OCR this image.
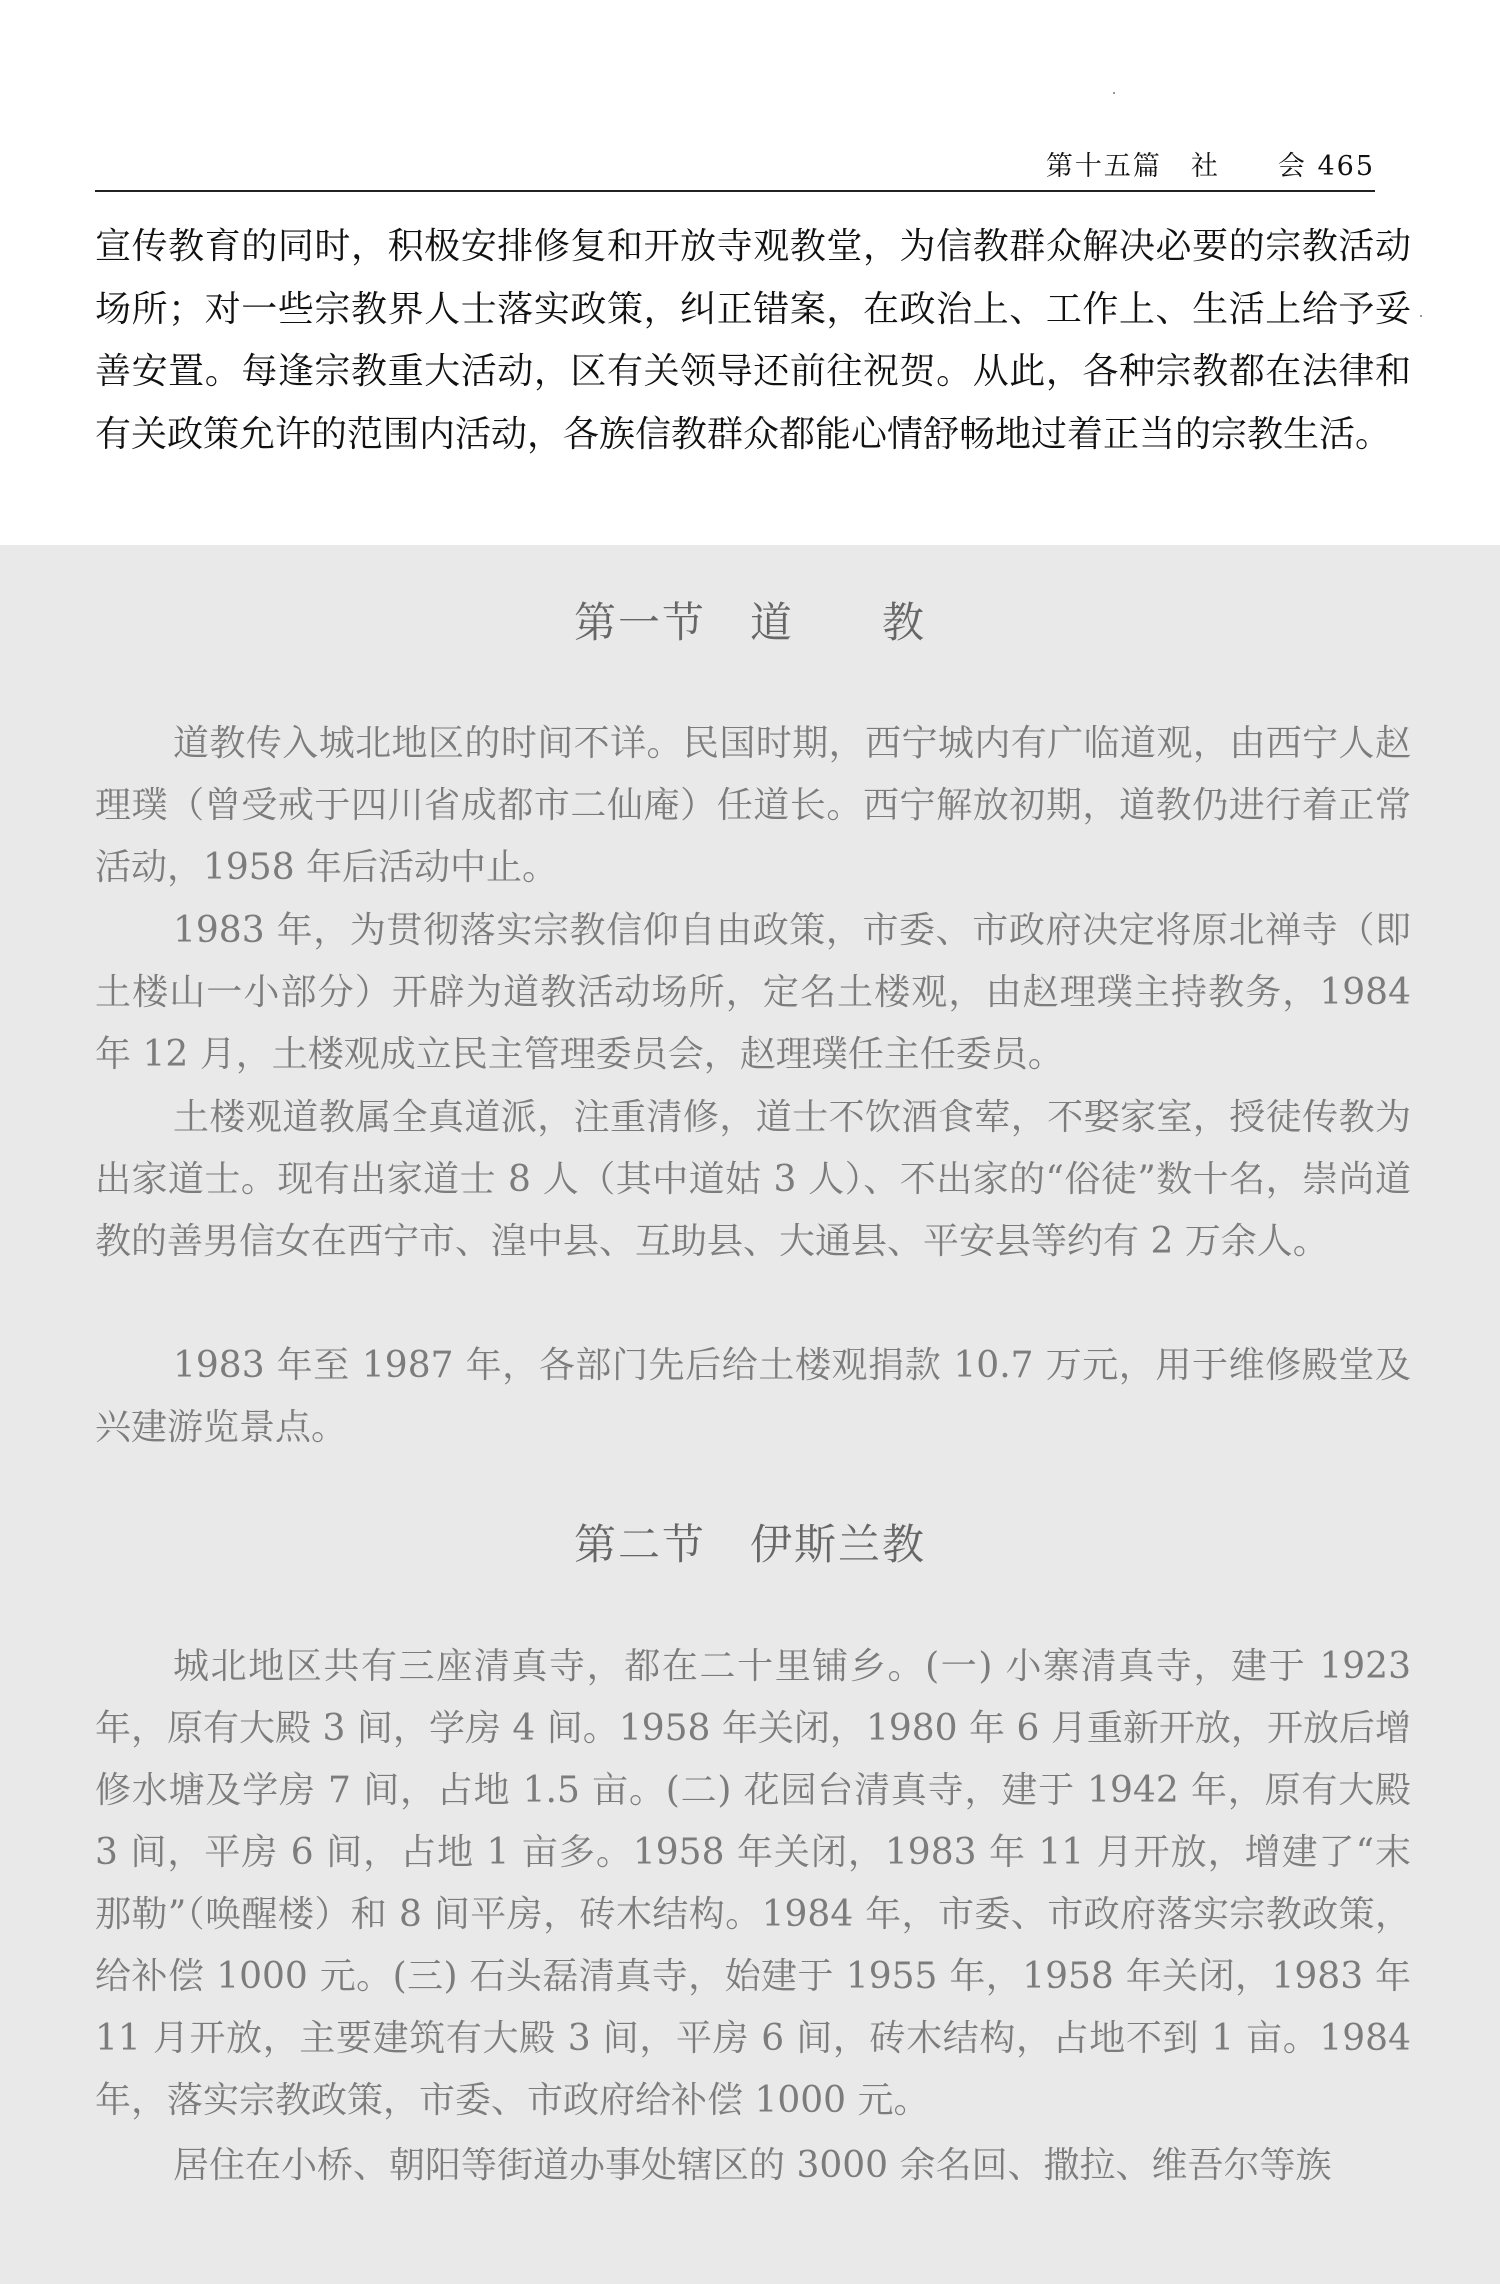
第十五篇　社　　会 465

宣传教育的同时，积极安排修复和开放寺观教堂，为信教群众解决必要的宗教活动场所；对一些宗教界人士落实政策，纠正错案，在政治上、工作上、生活上给予妥善安置。每逢宗教重大活动，区有关领导还前往祝贺。从此，各种宗教都在法律和有关政策允许的范围内活动，各族信教群众都能心情舒畅地过着正当的宗教生活。

第一节　道　　教

道教传入城北地区的时间不详。民国时期，西宁城内有广临道观，由西宁人赵理璞（曾受戒于四川省成都市二仙庵）任道长。西宁解放初期，道教仍进行着正常活动，1958 年后活动中止。

1983 年，为贯彻落实宗教信仰自由政策，市委、市政府决定将原北禅寺（即土楼山一小部分）开辟为道教活动场所，定名土楼观，由赵理璞主持教务，1984 年 12 月，土楼观成立民主管理委员会，赵理璞任主任委员。

土楼观道教属全真道派，注重清修，道士不饮酒食荤，不娶家室，授徒传教为出家道士。现有出家道士 8 人（其中道姑 3 人）、不出家的“俗徒”数十名，崇尚道教的善男信女在西宁市、湟中县、互助县、大通县、平安县等约有 2 万余人。

1983 年至 1987 年，各部门先后给土楼观捐款 10.7 万元，用于维修殿堂及兴建游览景点。

第二节　伊斯兰教

城北地区共有三座清真寺，都在二十里铺乡。(一) 小寨清真寺，建于 1923 年，原有大殿 3 间，学房 4 间。1958 年关闭，1980 年 6 月重新开放，开放后增修水塘及学房 7 间，占地 1.5 亩。(二) 花园台清真寺，建于 1942 年，原有大殿 3 间，平房 6 间，占地 1 亩多。1958 年关闭，1983 年 11 月开放，增建了“末那勒”（唤醒楼）和 8 间平房，砖木结构。1984 年，市委、市政府落实宗教政策，给补偿 1000 元。(三) 石头磊清真寺，始建于 1955 年，1958 年关闭，1983 年 11 月开放，主要建筑有大殿 3 间，平房 6 间，砖木结构，占地不到 1 亩。1984 年，落实宗教政策，市委、市政府给补偿 1000 元。

居住在小桥、朝阳等街道办事处辖区的 3000 余名回、撒拉、维吾尔等族
